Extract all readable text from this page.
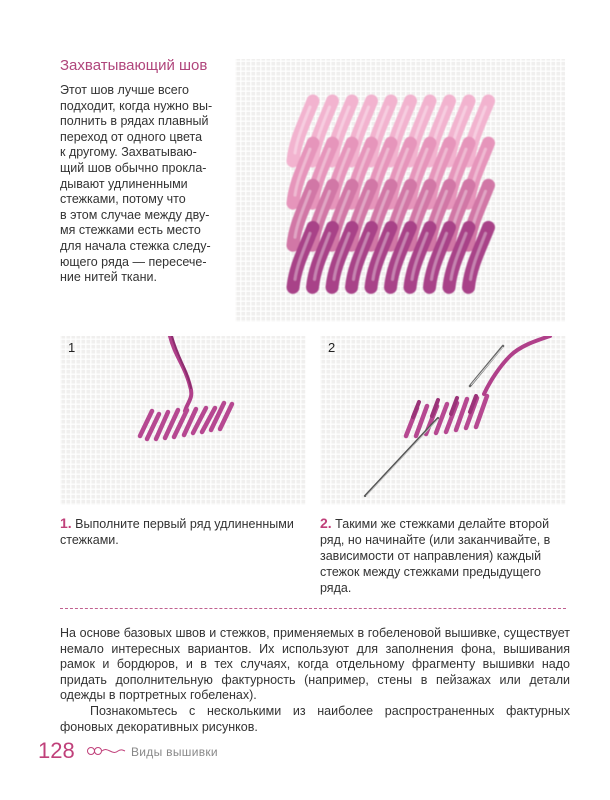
Захватывающий шов
Этот шов лучше всего
подходит, когда нужно вы-
полнить в рядах плавный
переход от одного цвета
к другому. Захватываю-
щий шов обычно прокла-
дывают удлиненными
стежками, потому что
в этом случае между дву-
мя стежками есть место
для начала стежка следу-
ющего ряда — пересече-
ние нитей ткани.
1	2
1. Выполните первый ряд удлиненными стежками.
2. Такими же стежками делайте второй ряд, но начинайте (или заканчивайте, в зависимости от направления) каждый стежок между стежками предыдущего ряда.

На основе базовых швов и стежков, применяемых в гобеленовой вышивке, существует немало интересных вариантов. Их используют для заполнения фона, вышивания рамок и бордюров, и в тех случаях, когда отдельному фрагменту вышивки надо придать дополнительную фактурность (например, стены в пейзажах или детали одежды в портретных гобеленах).

Познакомьтесь с несколькими из наиболее распространенных фактурных фоновых декоративных рисунков.

128	Виды вышивки
